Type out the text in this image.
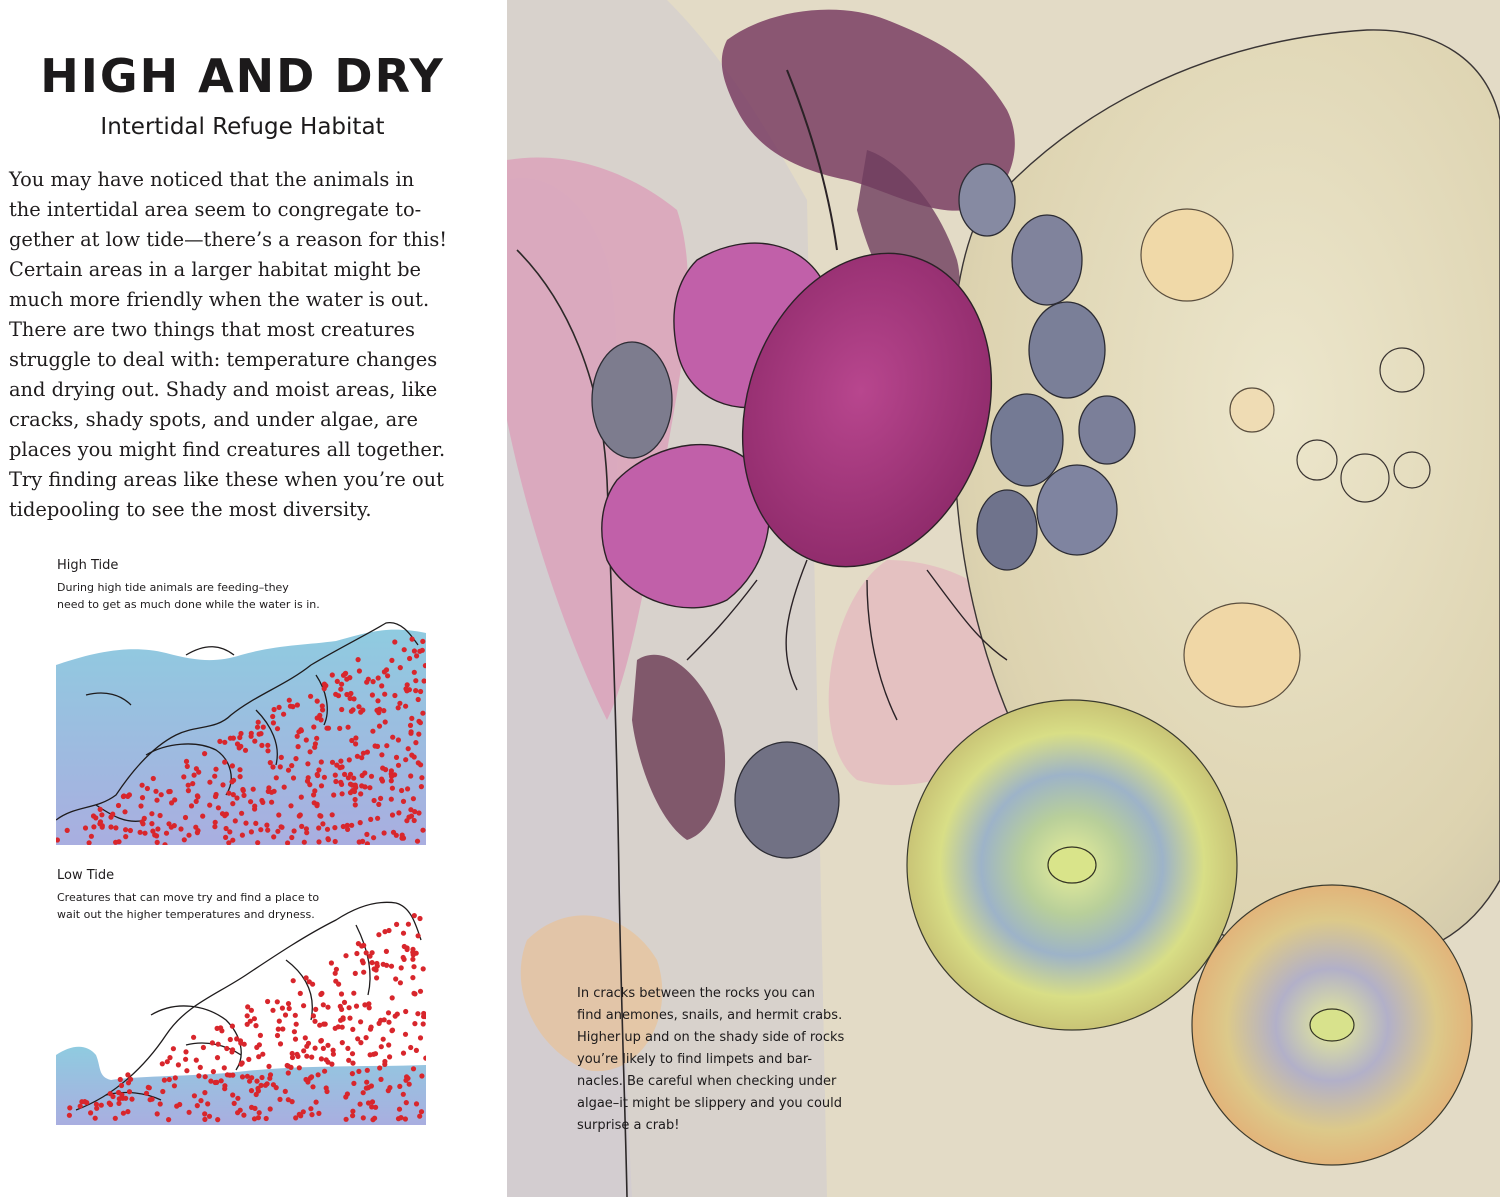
HIGH AND DRY
Intertidal Refuge Habitat
You may have noticed that the animals in
the intertidal area seem to congregate to-
gether at low tide—there’s a reason for this!
Certain areas in a larger habitat might be
much more friendly when the water is out.
There are two things that most creatures
struggle to deal with: temperature changes
and drying out. Shady and moist areas, like
cracks, shady spots, and under algae, are
places you might find creatures all together.
Try finding areas like these when you’re out
tidepooling to see the most diversity.
High Tide
During high tide animals are feeding–they
need to get as much done while the water is in.
Low Tide
Creatures that can move try and find a place to
wait out the higher temperatures and dryness.
In cracks between the rocks you can
find anemones, snails, and hermit crabs.
Higher up and on the shady side of rocks
you’re likely to find limpets and bar-
nacles. Be careful when checking under
algae–it might be slippery and you could
surprise a crab!
